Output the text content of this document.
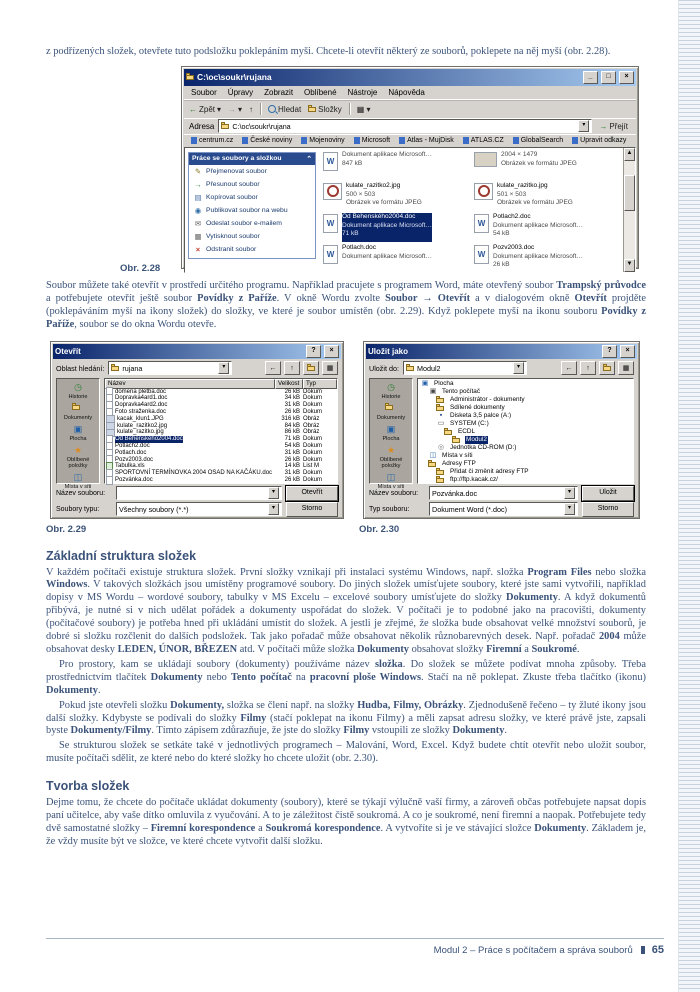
z podřízených složek, otevřete tuto podsložku poklepáním myši. Chcete-li otevřít některý ze souborů, poklepete na něj myší (obr. 2.28).

C:\oc\soukr\rujana	_	□	×
Soubor Úpravy Zobrazit Oblíbené Nástroje Nápověda
← Zpět ▾ → ▾ ↑	Hledat Složky ▦ ▾
Adresa	C:\oc\soukr\rujana	▾	→ Přejít
centrum.cz České noviny Mojenoviny Microsoft Atlas - MujDisk ATLAS.CZ GlobalSearch Upravit odkazy
Práce se soubory a složkou	⌃
✎
Přejmenovat soubor
→
Přesunout soubor
▤
Kopírovat soubor
◉
Publikovat soubor na webu
✉
Odeslat soubor e-mailem
▦
Vytisknout soubor
×
Odstranit soubor
W
Dokument aplikace Microsoft…
847 kB
2004 × 1479
Obrázek ve formátu JPEG
kulate_razitko2.jpg
500 × 503
Obrázek ve formátu JPEG
kulate_razitko.jpg
501 × 503
Obrázek ve formátu JPEG
W
Od Behenského2004.doc
Dokument aplikace Microsoft…
71 kB
W
Potlach2.doc
Dokument aplikace Microsoft…
54 kB
W
Potlach.doc
Dokument aplikace Microsoft…
W
Pozv2003.doc
Dokument aplikace Microsoft…
26 kB
▲
▼
Obr. 2.28

Soubor můžete také otevřít v prostředí určitého programu. Například pracujete s programem Word, máte otevřený soubor Trampský průvodce a potřebujete otevřít ještě soubor Povídky z Paříže. V okně Wordu zvolte Soubor → Otevřít a v dialogovém okně Otevřít projděte (poklepáváním myší na ikony složek) do složky, ve které je soubor umístěn (obr. 2.29). Když poklepete myší na ikonu souboru Povídky z Paříže, soubor se do okna Wordu otevře.

Otevřít	?	×
Oblast hledání:	rujana	▾	←	↑	▦
◷
Historie
Dokumenty
▣
Plocha
★
Oblíbené položky
◫
Místa v síti
Název	Velikost	Typ
domena pletba.doc	26 kB Dokum
Dopravka4ard1.doc	34 kB Dokum
Dopravka4ard2.doc	31 kB Dokum
Foto straženka.doc	26 kB Dokum
kacak_klun1.JPG	316 kB Obráz
kulate_razitko2.jpg	84 kB Obráz
kulate_razitko.jpg	86 kB Obráz
Od Behenského2004.doc	71 kB Dokum
Potlach2.doc	54 kB Dokum
Potlach.doc	31 kB Dokum
Pozv2003.doc	26 kB Dokum
Tabulka.xls	14 kB List M
SPORTOVNÍ TERMÍNOVKA 2004 OSAD NA KAČÁKU.doc	31 kB Dokum
Pozvánka.doc	26 kB Dokum
Název souboru:	▾	Otevřít
Soubory typu:	Všechny soubory (*.*)	▾	Storno
Uložit jako	?	×
Uložit do:	Modul2	▾	←	↑	▦
◷
Historie
Dokumenty
▣
Plocha
★
Oblíbené položky
◫
Místa v síti
▣
Plocha
▣
Tento počítač
Administrátor - dokumenty
Sdílené dokumenty
▪
Disketa 3,5 palce (A:)
▭
SYSTEM (C:)
ECDL
Modul2
◎
Jednotka CD-ROM (D:)
◫
Místa v síti
Adresy FTP
Přidat či změnit adresy FTP
ftp://ftp.kacak.cz/
Název souboru:	Pozvánka.doc	▾	Uložit
Typ souboru:	Dokument Word (*.doc)	▾	Storno
Obr. 2.29	Obr. 2.30
Základní struktura složek

V každém počítači existuje struktura složek. První složky vznikají při instalaci systému Windows, např. složka Program Files nebo složka Windows. V takových složkách jsou umístěny programové soubory. Do jiných složek umísťujete soubory, které jste sami vytvořili, například dopisy v MS Wordu – wordové soubory, tabulky v MS Excelu – excelové soubory umísťujete do složky Dokumenty. A když dokumentů přibývá, je nutné si v nich udělat pořádek a dokumenty uspořádat do složek. V počítači je to podobné jako na pracovišti, dokumenty (počítačové soubory) je potřeba hned při ukládání umístit do složek. A jestli je zřejmé, že složka bude obsahovat velké množství souborů, je dobré si složku rozčlenit do dalších podsložek. Tak jako pořadač může obsahovat několik různobarevných desek. Např. pořadač 2004 může obsahovat desky LEDEN, ÚNOR, BŘEZEN atd. V počítači může složka Dokumenty obsahovat složky Firemní a Soukromé.

Pro prostory, kam se ukládají soubory (dokumenty) používáme název složka. Do složek se můžete podívat mnoha způsoby. Třeba prostřednictvím tlačítek Dokumenty nebo Tento počítač na pracovní ploše Windows. Stačí na ně poklepat. Zkuste třeba tlačítko (ikonu) Dokumenty.

Pokud jste otevřeli složku Dokumenty, složka se člení např. na složky Hudba, Filmy, Obrázky. Zjednodušeně řečeno – ty žluté ikony jsou další složky. Kdybyste se podívali do složky Filmy (stačí poklepat na ikonu Filmy) a měli zapsat adresu složky, ve které právě jste, zapsali byste Dokumenty/Filmy. Tímto zápisem zdůrazňuje, že jste do složky Filmy vstoupili ze složky Dokumenty.

Se strukturou složek se setkáte také v jednotlivých programech – Malování, Word, Excel. Když budete chtít otevřít nebo uložit soubor, musíte počítači sdělit, ze které nebo do které složky ho chcete uložit (obr. 2.30).

Tvorba složek

Dejme tomu, že chcete do počítače ukládat dokumenty (soubory), které se týkají výlučně vaší firmy, a zároveň občas potřebujete napsat dopis paní učitelce, aby vaše dítko omluvila z vyučování. A to je záležitost čistě soukromá. A co je soukromé, není firemní a naopak. Potřebujete tedy dvě samostatné složky – Firemní korespondence a Soukromá korespondence. A vytvoříte si je ve stávající složce Dokumenty. Základem je, že vždy musíte být ve složce, ve které chcete vytvořit další složku.

Modul 2 – Práce s počítačem a správa souborů 65
